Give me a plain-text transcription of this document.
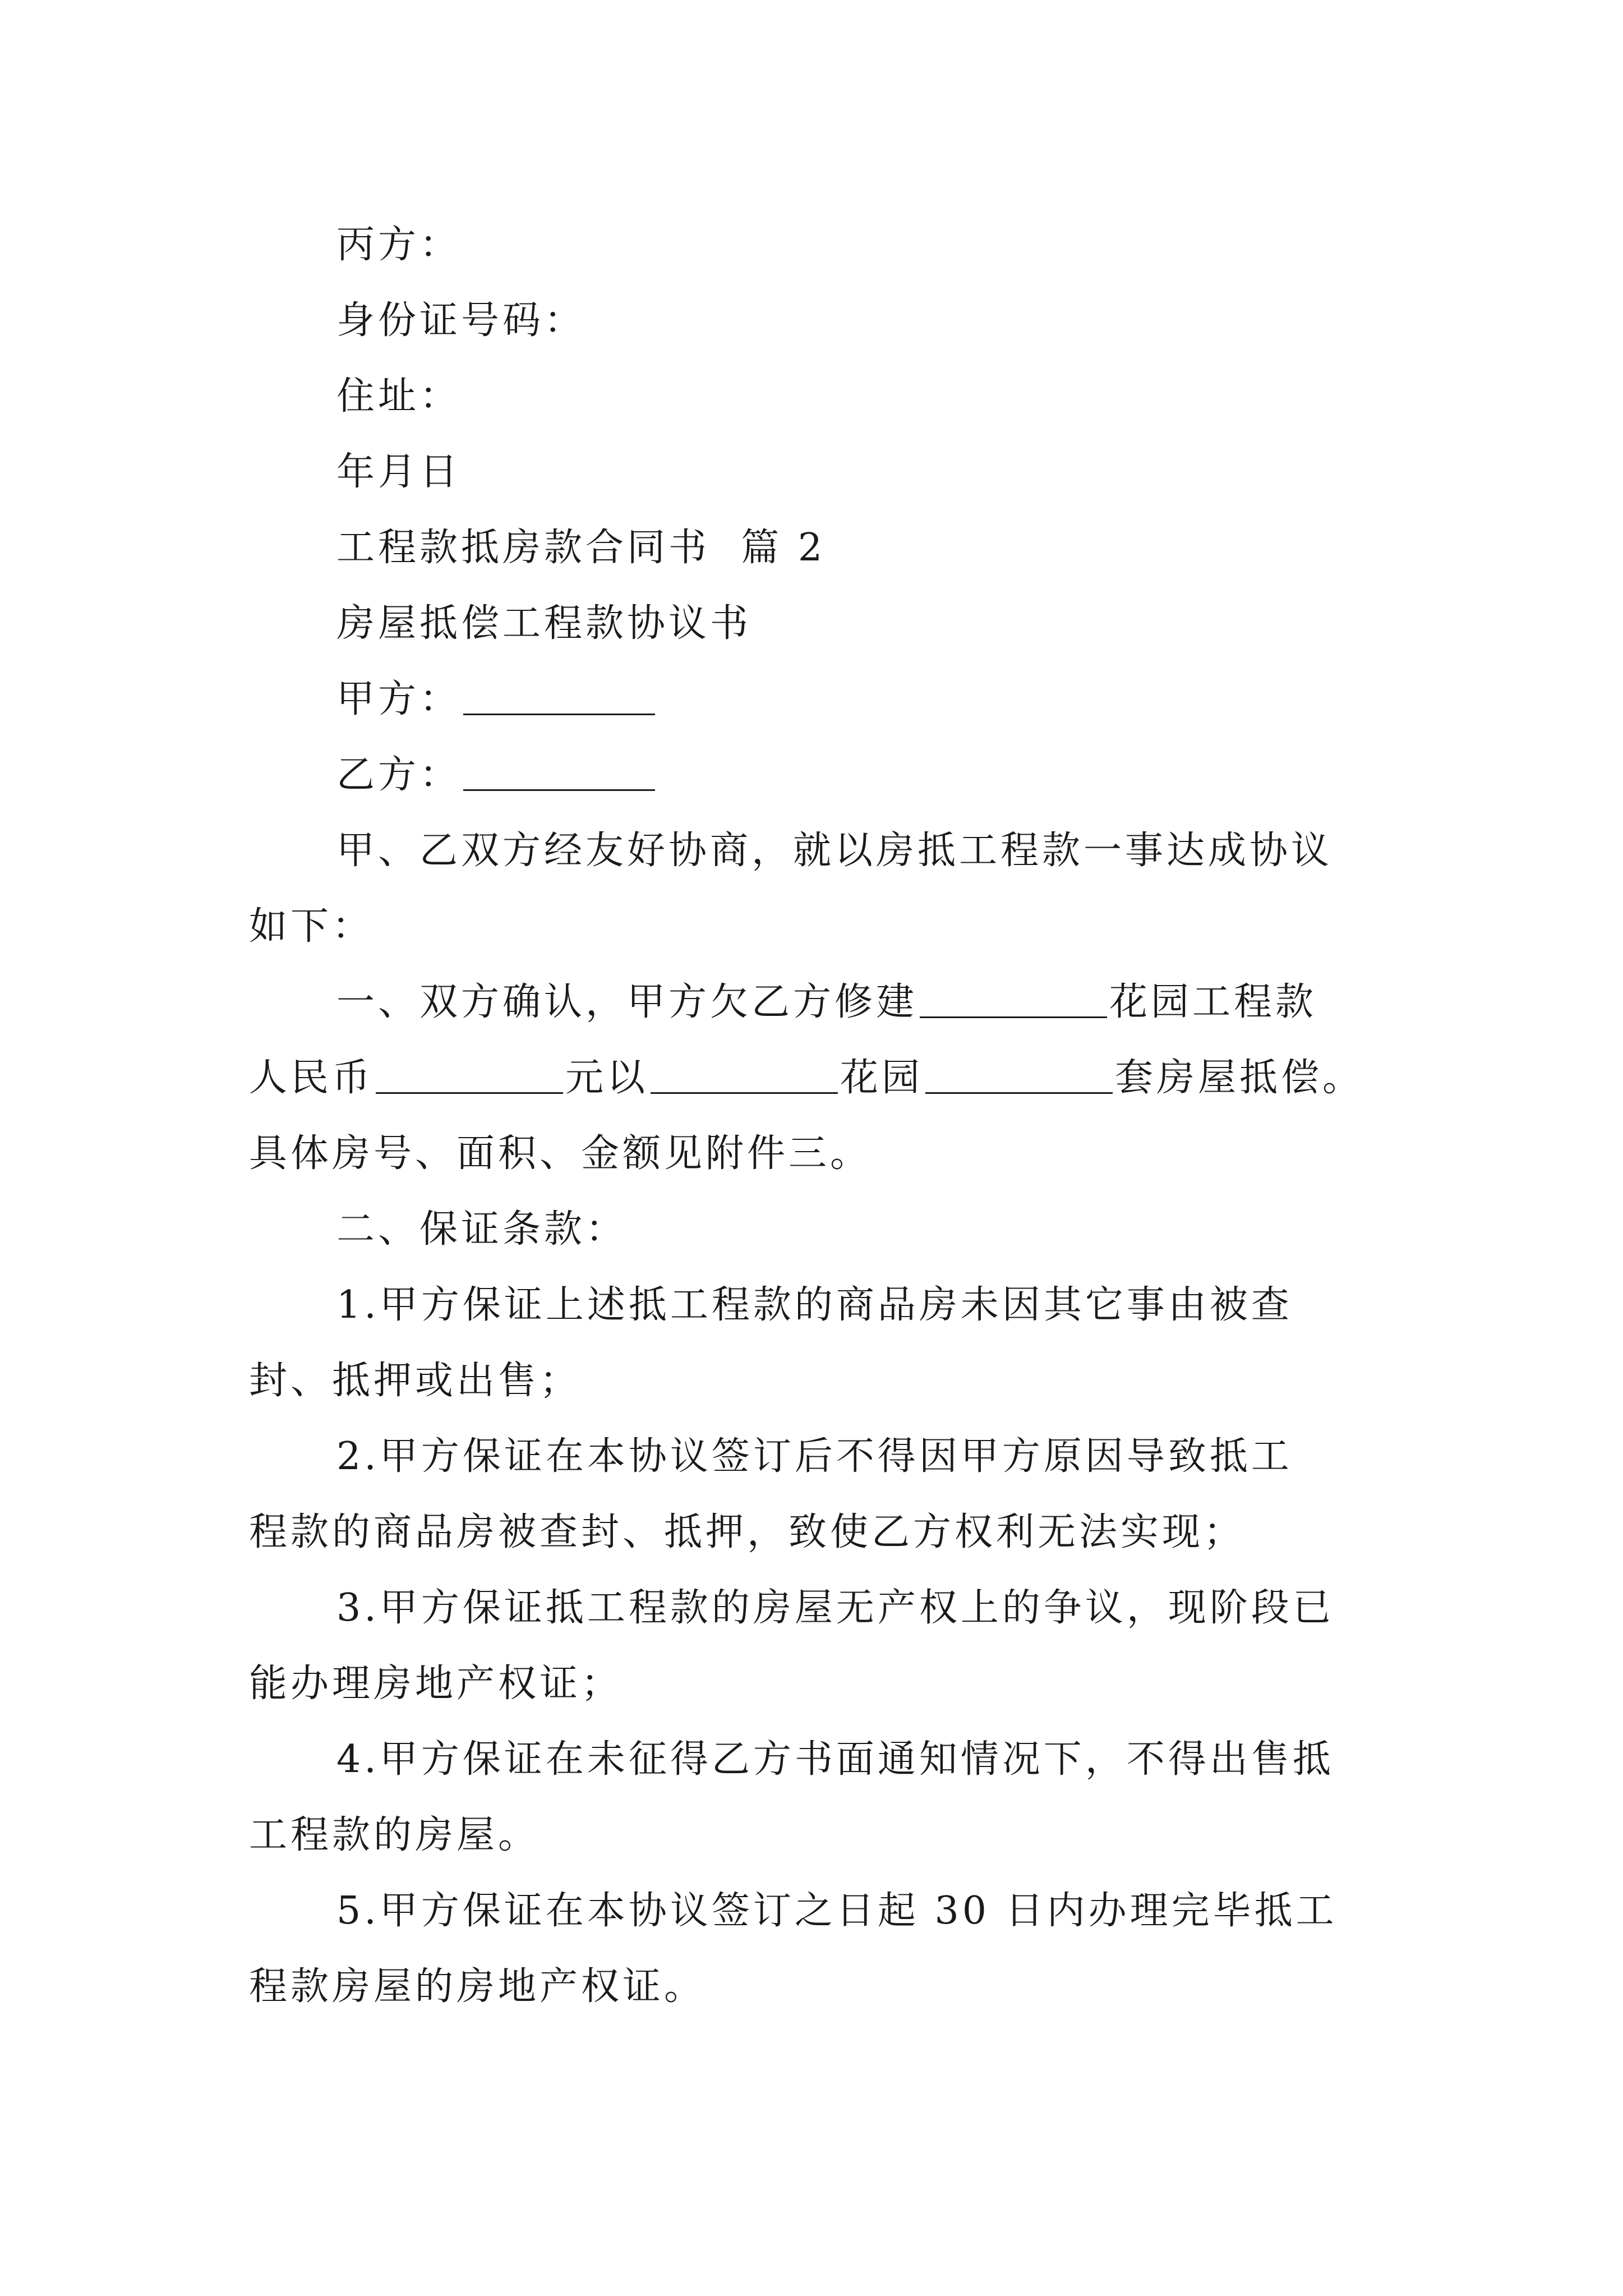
丙方：
身份证号码：
住址：
年月日
工程款抵房款合同书  篇 2
房屋抵偿工程款协议书
甲方：
乙方：
甲、乙双方经友好协商，就以房抵工程款一事达成协议
如下：
一、双方确认，甲方欠乙方修建	花园工程款
人民币	元以	花园	套房屋抵偿。
具体房号、面积、金额见附件三。
二、保证条款：
1.甲方保证上述抵工程款的商品房未因其它事由被查
封、抵押或出售；
2.甲方保证在本协议签订后不得因甲方原因导致抵工
程款的商品房被查封、抵押，致使乙方权利无法实现；
3.甲方保证抵工程款的房屋无产权上的争议，现阶段已
能办理房地产权证；
4.甲方保证在未征得乙方书面通知情况下，不得出售抵
工程款的房屋。
5.甲方保证在本协议签订之日起 30 日内办理完毕抵工
程款房屋的房地产权证。
